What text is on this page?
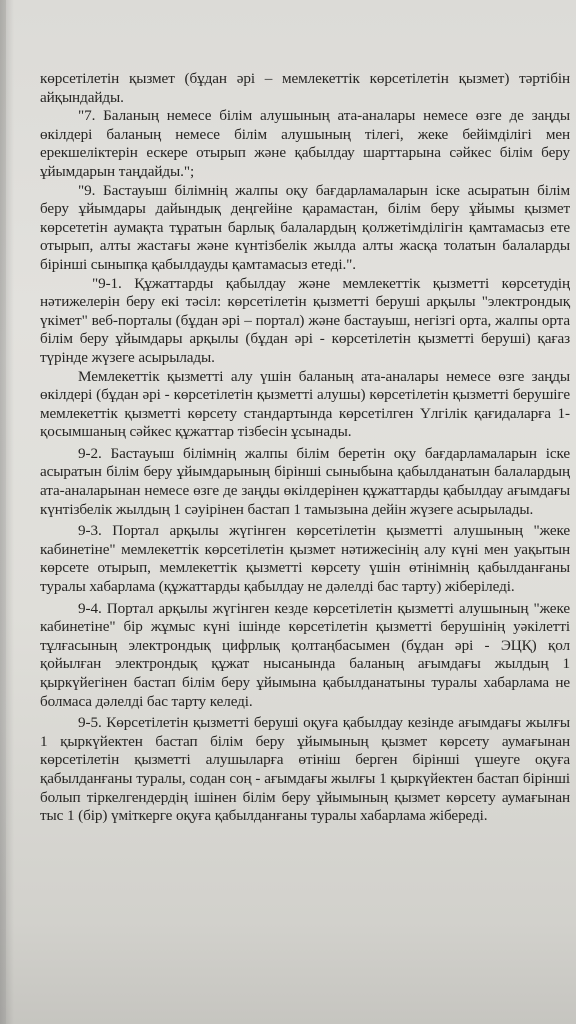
көрсетілетін қызмет (бұдан әрі – мемлекеттік көрсетілетін қызмет) тәртібін айқындайды.

"7. Баланың немесе білім алушының ата-аналары немесе өзге де заңды өкілдері баланың немесе білім алушының тілегі, жеке бейімділігі мен ерекшеліктерін ескере отырып және қабылдау шарттарына сәйкес білім беру ұйымдарын таңдайды.";

"9. Бастауыш білімнің жалпы оқу бағдарламаларын іске асыратын білім беру ұйымдары дайындық деңгейіне қарамастан, білім беру ұйымы қызмет көрсететін аумақта тұратын барлық балалардың қолжетімділігін қамтамасыз ете отырып, алты жастағы және күнтізбелік жылда алты жасқа толатын балаларды бірінші сыныпқа қабылдауды қамтамасыз етеді.".

"9-1. Құжаттарды қабылдау және мемлекеттік қызметті көрсетудің нәтижелерін беру екі тәсіл: көрсетілетін қызметті беруші арқылы "электрондық үкімет" веб-порталы (бұдан әрі – портал) және бастауыш, негізгі орта, жалпы орта білім беру ұйымдары арқылы (бұдан әрі - көрсетілетін қызметті беруші) қағаз түрінде жүзеге асырылады.

Мемлекеттік қызметті алу үшін баланың ата-аналары немесе өзге заңды өкілдері (бұдан әрі - көрсетілетін қызметті алушы) көрсетілетін қызметті берушіге мемлекеттік қызметті көрсету стандартында көрсетілген Үлгілік қағидаларға 1-қосымшаның сәйкес құжаттар тізбесін ұсынады.

9-2. Бастауыш білімнің жалпы білім беретін оқу бағдарламаларын іске асыратын білім беру ұйымдарының бірінші сыныбына қабылданатын балалардың ата-аналарынан немесе өзге де заңды өкілдерінен құжаттарды қабылдау ағымдағы күнтізбелік жылдың 1 сәуірінен бастап 1 тамызына дейін жүзеге асырылады.

9-3. Портал арқылы жүгінген көрсетілетін қызметті алушының "жеке кабинетіне" мемлекеттік көрсетілетін қызмет нәтижесінің алу күні мен уақытын көрсете отырып, мемлекеттік қызметті көрсету үшін өтінімнің қабылданғаны туралы хабарлама (құжаттарды қабылдау не дәлелді бас тарту) жіберіледі.

9-4. Портал арқылы жүгінген кезде көрсетілетін қызметті алушының "жеке кабинетіне" бір жұмыс күні ішінде көрсетілетін қызметті берушінің уәкілетті тұлғасының электрондық цифрлық қолтаңбасымен (бұдан әрі - ЭЦҚ) қол қойылған электрондық құжат нысанында баланың ағымдағы жылдың 1 қыркүйегінен бастап білім беру ұйымына қабылданатыны туралы хабарлама не болмаса дәлелді бас тарту келеді.

9-5. Көрсетілетін қызметті беруші оқуға қабылдау кезінде ағымдағы жылғы 1 қыркүйектен бастап білім беру ұйымының қызмет көрсету аумағынан көрсетілетін қызметті алушыларға өтініш берген бірінші үшеуге оқуға қабылданғаны туралы, содан соң - ағымдағы жылғы 1 қыркүйектен бастап бірінші болып тіркелгендердің ішінен білім беру ұйымының қызмет көрсету аумағынан тыс 1 (бір) үміткерге оқуға қабылданғаны туралы хабарлама жібереді.
